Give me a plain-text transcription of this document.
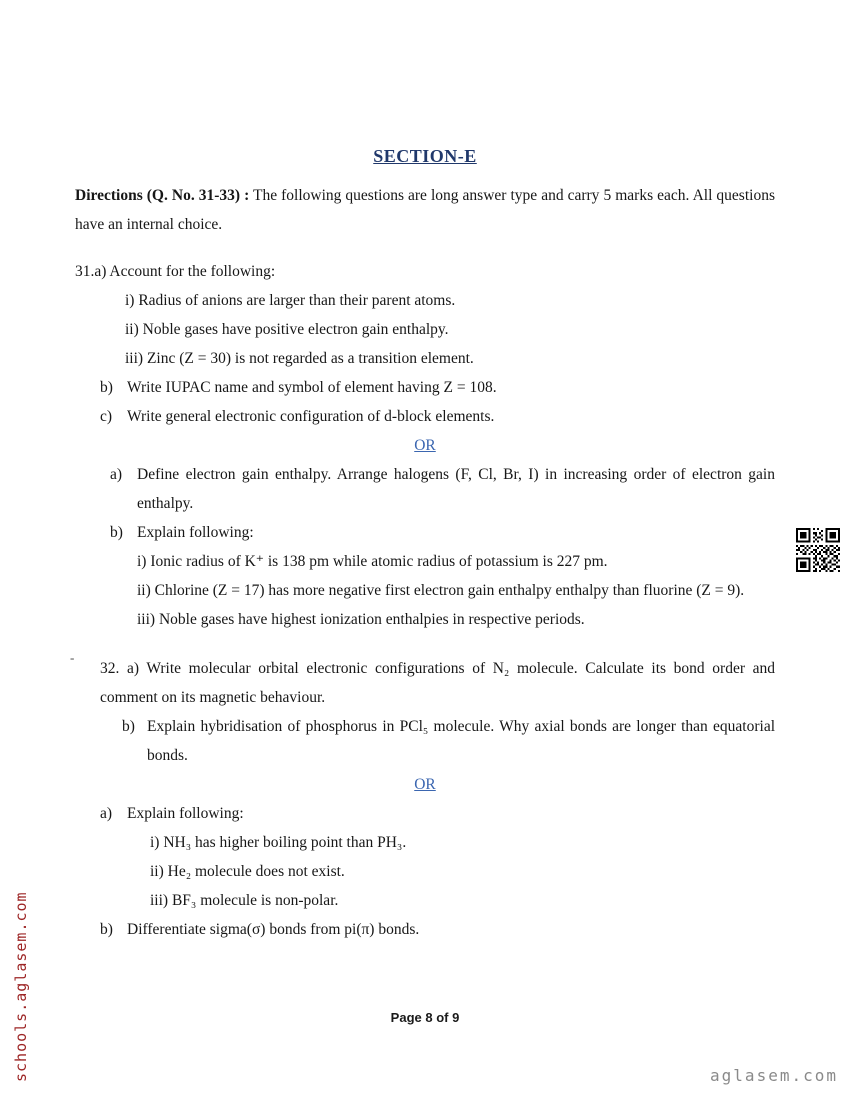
SECTION-E

Directions (Q. No. 31-33) : The following questions are long answer type and carry 5 marks each. All questions have an internal choice.

31.a) Account for the following:
i) Radius of anions are larger than their parent atoms.
ii) Noble gases have positive electron gain enthalpy.
iii) Zinc (Z = 30) is not regarded as a transition element.
b) Write IUPAC name and symbol of element having Z = 108.
c) Write general electronic configuration of d-block elements.
OR
a) Define electron gain enthalpy. Arrange halogens (F, Cl, Br, I) in increasing order of electron gain enthalpy.
b) Explain following:
i) Ionic radius of K⁺ is 138 pm while atomic radius of potassium is 227 pm.
ii) Chlorine (Z = 17) has more negative first electron gain enthalpy enthalpy than fluorine (Z = 9).
iii) Noble gases have highest ionization enthalpies in respective periods.
32. a) Write molecular orbital electronic configurations of N₂ molecule. Calculate its bond order and comment on its magnetic behaviour.
b) Explain hybridisation of phosphorus in PCl₅ molecule. Why axial bonds are longer than equatorial bonds.
OR
a) Explain following:
i) NH₃ has higher boiling point than PH₃.
ii) He₂ molecule does not exist.
iii) BF₃ molecule is non-polar.
b) Differentiate sigma(σ) bonds from pi(π) bonds.
-
Page 8 of 9
schools.aglasem.com	aglasem.com
